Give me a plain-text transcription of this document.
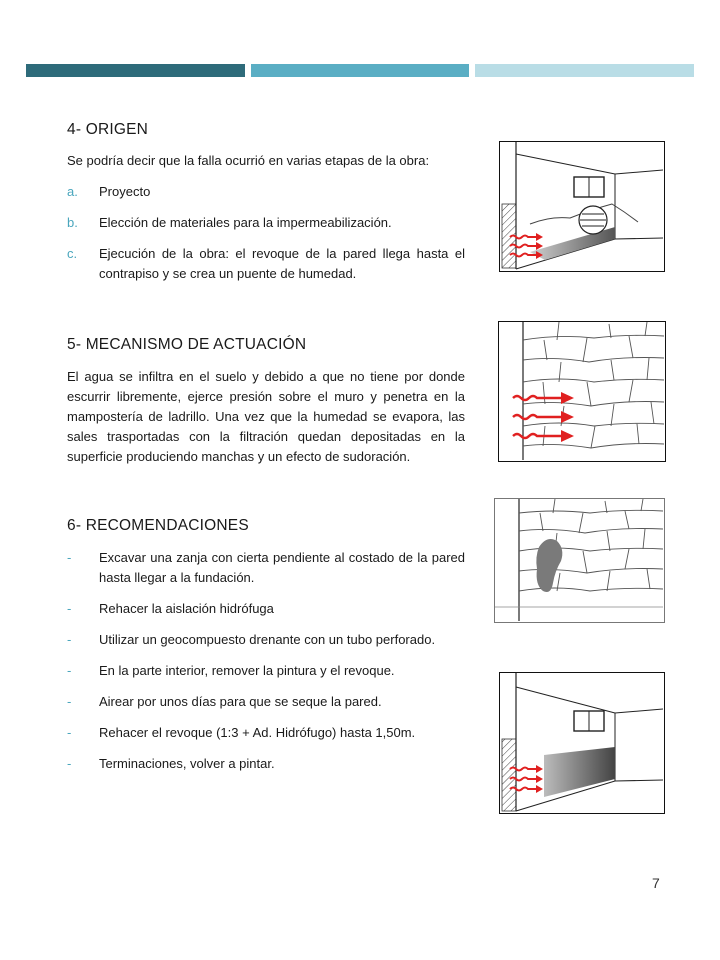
4- ORIGEN

Se podría decir que la falla ocurrió en varias etapas de la obra:

a. Proyecto
b. Elección de materiales para la impermeabilización.
c. Ejecución de la obra: el revoque de la pared llega hasta el contrapiso y se crea un puente de humedad.
5- MECANISMO DE ACTUACIÓN

El agua se infiltra en el suelo y debido a que no tiene por donde escurrir libremente, ejerce presión sobre el muro y penetra en la mampostería de ladrillo. Una vez que la humedad se evapora, las sales trasportadas con la filtración quedan depositadas en la superficie produciendo manchas y un efecto de sudoración.

6- RECOMENDACIONES
- Excavar una zanja con cierta pendiente al costado de la pared hasta llegar a la fundación.
- Rehacer la aislación hidrófuga
- Utilizar un geocompuesto drenante con un tubo perforado.
- En la parte interior, remover la pintura y el revoque.
- Airear por unos días para que se seque la pared.
- Rehacer el revoque (1:3 + Ad. Hidrófugo) hasta 1,50m.
- Terminaciones, volver a pintar.
7
